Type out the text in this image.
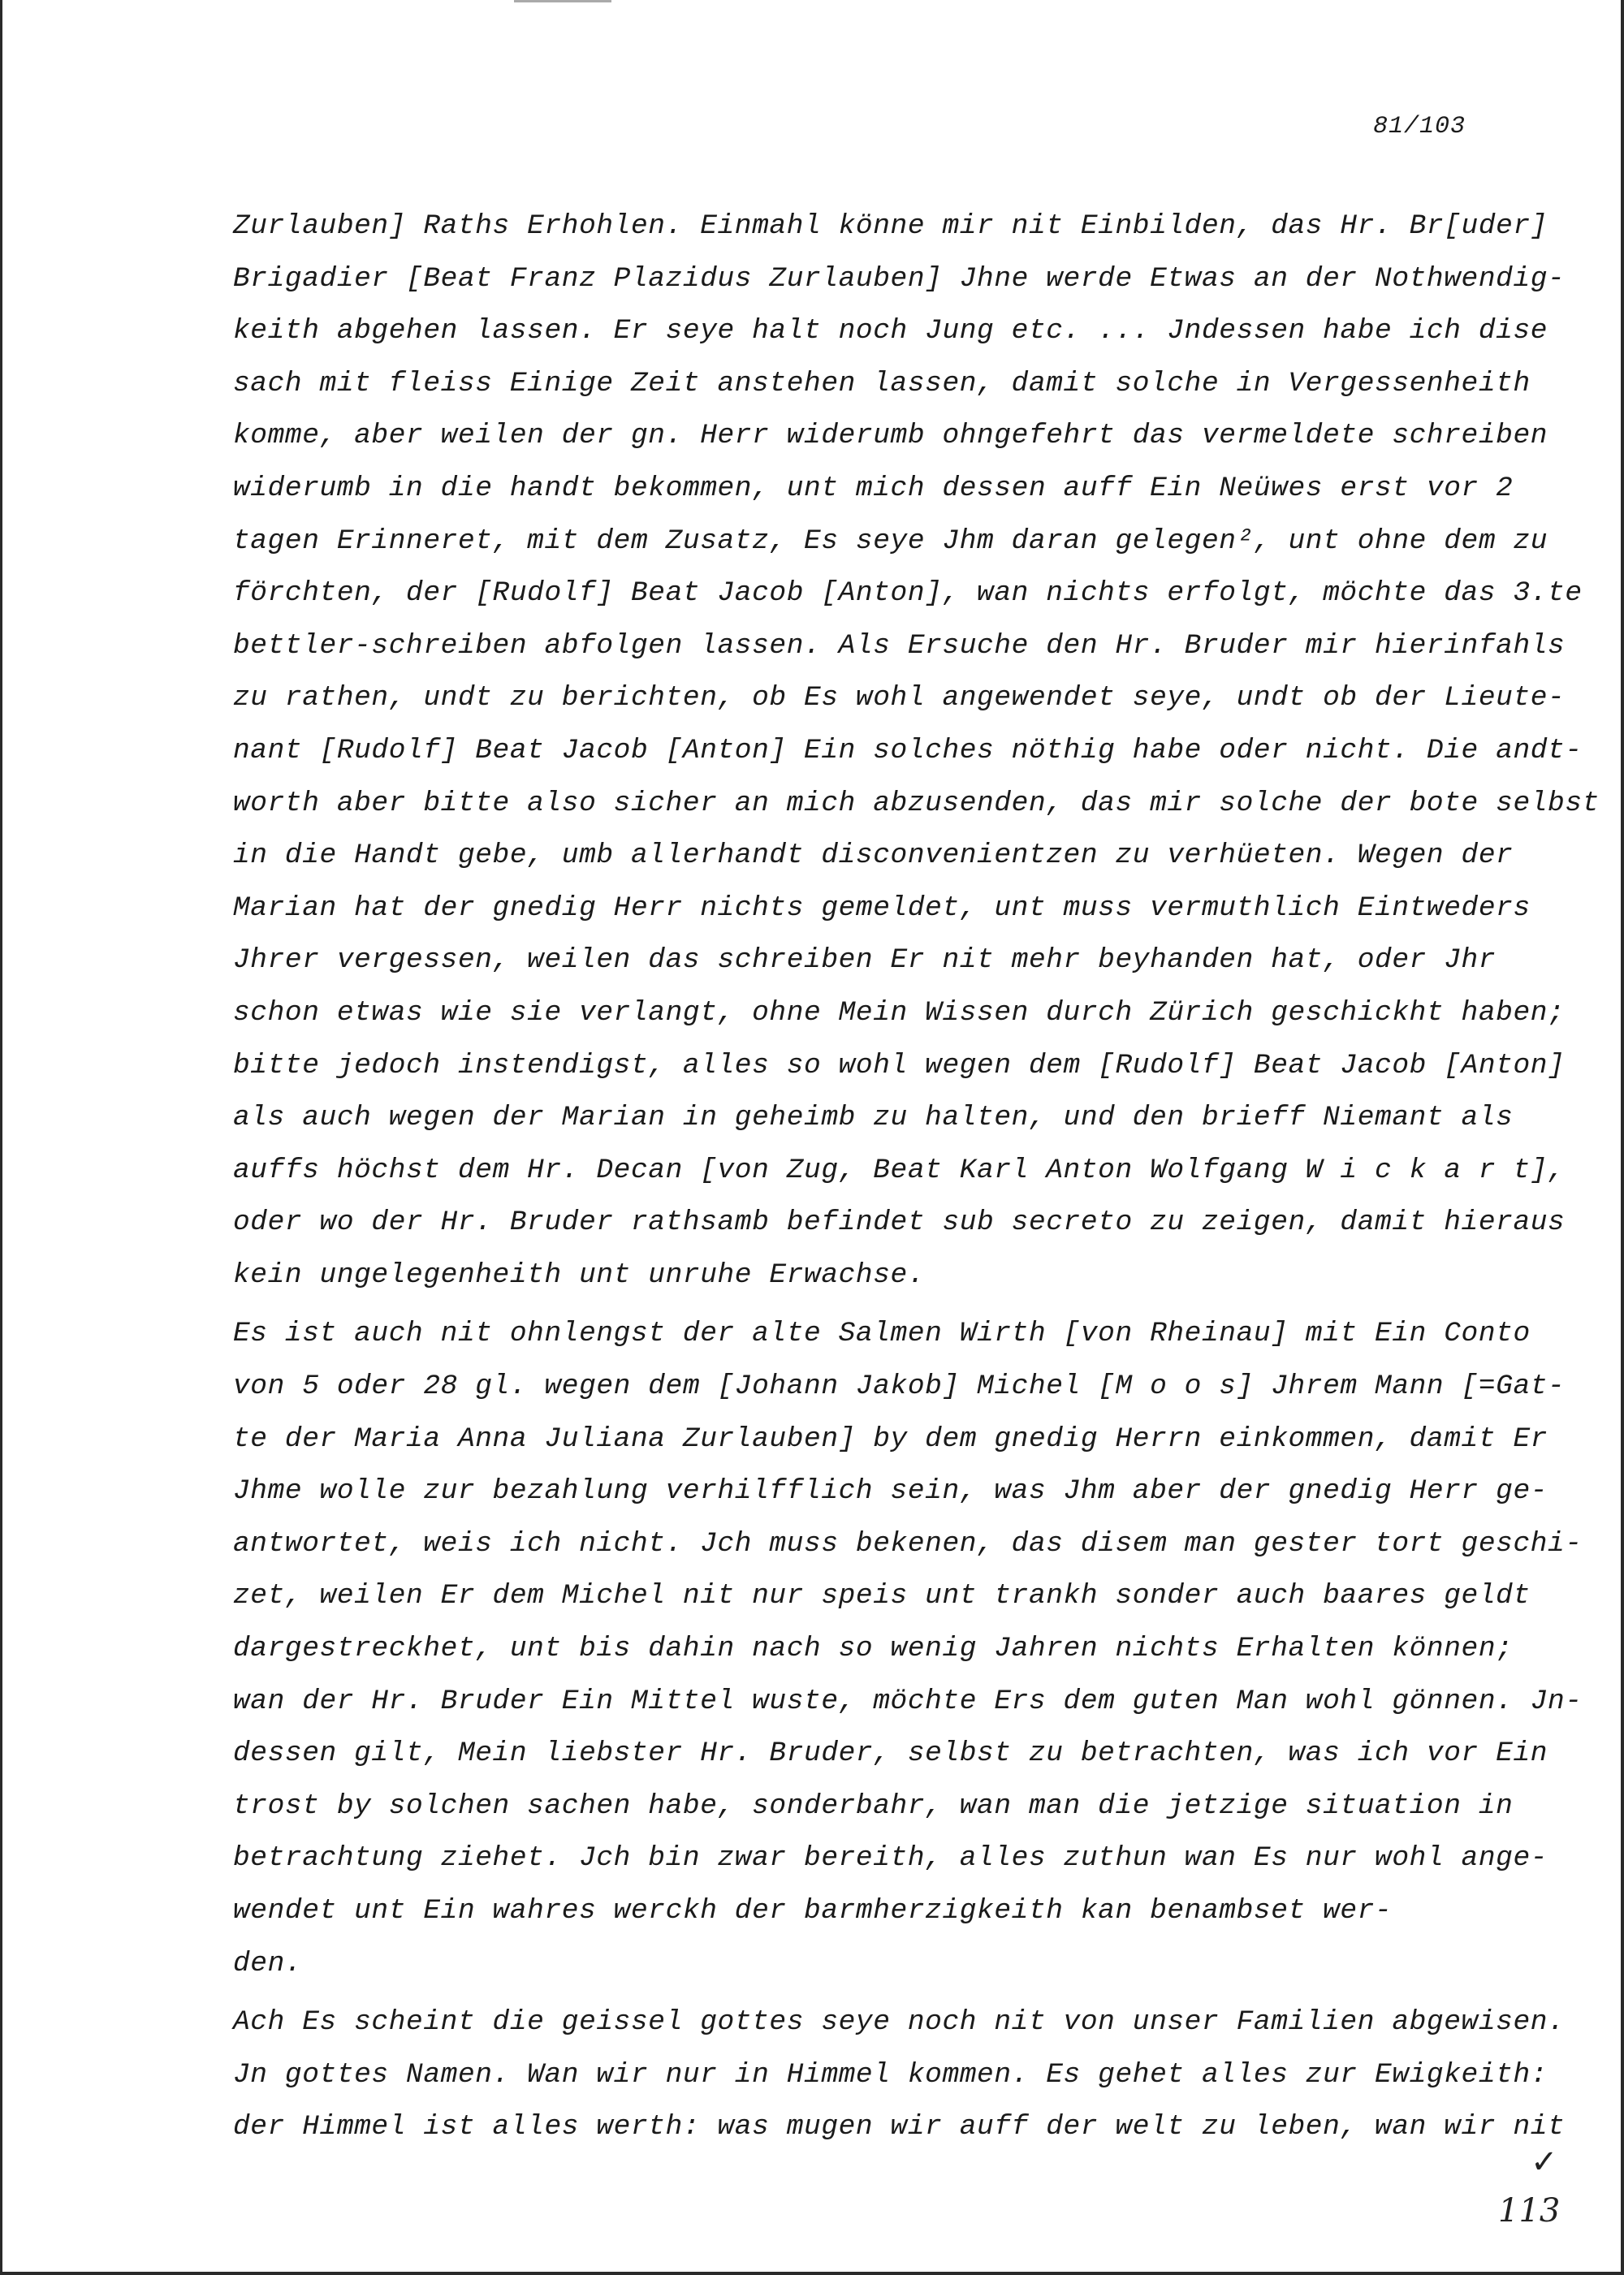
81/103
Zurlauben] Raths Erhohlen. Einmahl könne mir nit Einbilden, das Hr. Br[uder]
Brigadier [Beat Franz Plazidus Zurlauben] Jhne werde Etwas an der Nothwendig-
keith abgehen lassen. Er seye halt noch Jung etc. ... Jndessen habe ich dise
sach mit fleiss Einige Zeit anstehen lassen, damit solche in Vergessenheith
komme, aber weilen der gn. Herr widerumb ohngefehrt das vermeldete schreiben
widerumb in die handt bekommen, unt mich dessen auff Ein Neüwes erst vor 2
tagen Erinneret, mit dem Zusatz, Es seye Jhm daran gelegen², unt ohne dem zu
förchten, der [Rudolf] Beat Jacob [Anton], wan nichts erfolgt, möchte das 3.te
bettler-schreiben abfolgen lassen. Als Ersuche den Hr. Bruder mir hierinfahls
zu rathen, undt zu berichten, ob Es wohl angewendet seye, undt ob der Lieute-
nant [Rudolf] Beat Jacob [Anton] Ein solches nöthig habe oder nicht. Die andt-
worth aber bitte also sicher an mich abzusenden, das mir solche der bote selbst
in die Handt gebe, umb allerhandt disconvenientzen zu verhüeten. Wegen der
Marian hat der gnedig Herr nichts gemeldet, unt muss vermuthlich Eintweders
Jhrer vergessen, weilen das schreiben Er nit mehr beyhanden hat, oder Jhr
schon etwas wie sie verlangt, ohne Mein Wissen durch Zürich geschickht haben;
bitte jedoch instendigst, alles so wohl wegen dem [Rudolf] Beat Jacob [Anton]
als auch wegen der Marian in geheimb zu halten, und den brieff Niemant als
auffs höchst dem Hr. Decan [von Zug, Beat Karl Anton Wolfgang W i c k a r t],
oder wo der Hr. Bruder rathsamb befindet sub secreto zu zeigen, damit hieraus
kein ungelegenheith unt unruhe Erwachse.
Es ist auch nit ohnlengst der alte Salmen Wirth [von Rheinau] mit Ein Conto
von 5 oder 28 gl. wegen dem [Johann Jakob] Michel [M o o s] Jhrem Mann [=Gat-
te der Maria Anna Juliana Zurlauben] by dem gnedig Herrn einkommen, damit Er
Jhme wolle zur bezahlung verhilfflich sein, was Jhm aber der gnedig Herr ge-
antwortet, weis ich nicht. Jch muss bekenen, das disem man gester tort geschi-
zet, weilen Er dem Michel nit nur speis unt trankh sonder auch baares geldt
dargestreckhet, unt bis dahin nach so wenig Jahren nichts Erhalten können;
wan der Hr. Bruder Ein Mittel wuste, möchte Ers dem guten Man wohl gönnen. Jn-
dessen gilt, Mein liebster Hr. Bruder, selbst zu betrachten, was ich vor Ein
trost by solchen sachen habe, sonderbahr, wan man die jetzige situation in
betrachtung ziehet. Jch bin zwar bereith, alles zuthun wan Es nur wohl ange-
wendet unt Ein wahres werckh der barmherzigkeith kan benambset wer-
den.
Ach Es scheint die geissel gottes seye noch nit von unser Familien abgewisen.
Jn gottes Namen. Wan wir nur in Himmel kommen. Es gehet alles zur Ewigkeith:
der Himmel ist alles werth: was mugen wir auff der welt zu leben, wan wir nit
✓
113
